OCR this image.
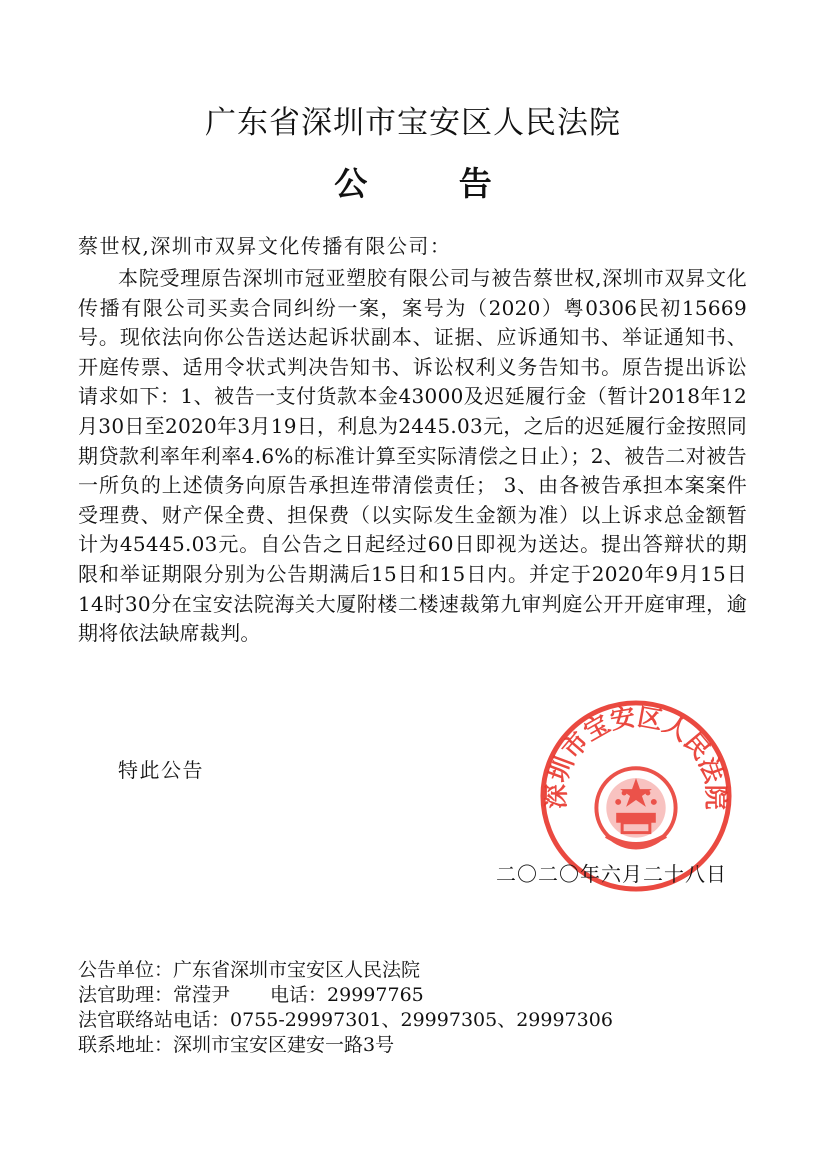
广东省深圳市宝安区人民法院
公 告
蔡世权,深圳市双昇文化传播有限公司：

本院受理原告深圳市冠亚塑胶有限公司与被告蔡世权,深圳市双昇文化传播有限公司买卖合同纠纷一案，案号为（2020）粤0306民初15669号。现依法向你公告送达起诉状副本、证据、应诉通知书、举证通知书、开庭传票、适用令状式判决告知书、诉讼权利义务告知书。原告提出诉讼请求如下：1、被告一支付货款本金43000及迟延履行金（暂计2018年12月30日至2020年3月19日，利息为2445.03元，之后的迟延履行金按照同期贷款利率年利率4.6%的标准计算至实际清偿之日止）；2、被告二对被告一所负的上述债务向原告承担连带清偿责任； 3、由各被告承担本案案件受理费、财产保全费、担保费（以实际发生金额为准）以上诉求总金额暂计为45445.03元。自公告之日起经过60日即视为送达。提出答辩状的期限和举证期限分别为公告期满后15日和15日内。并定于2020年9月15日14时30分在宝安法院海关大厦附楼二楼速裁第九审判庭公开开庭审理，逾期将依法缺席裁判。

特此公告
深圳市宝安区人民法院
二〇二〇年六月二十八日
公告单位：广东省深圳市宝安区人民法院
法官助理：常滢尹 电话：29997765
法官联络站电话：0755-29997301、29997305、29997306
联系地址：深圳市宝安区建安一路3号
